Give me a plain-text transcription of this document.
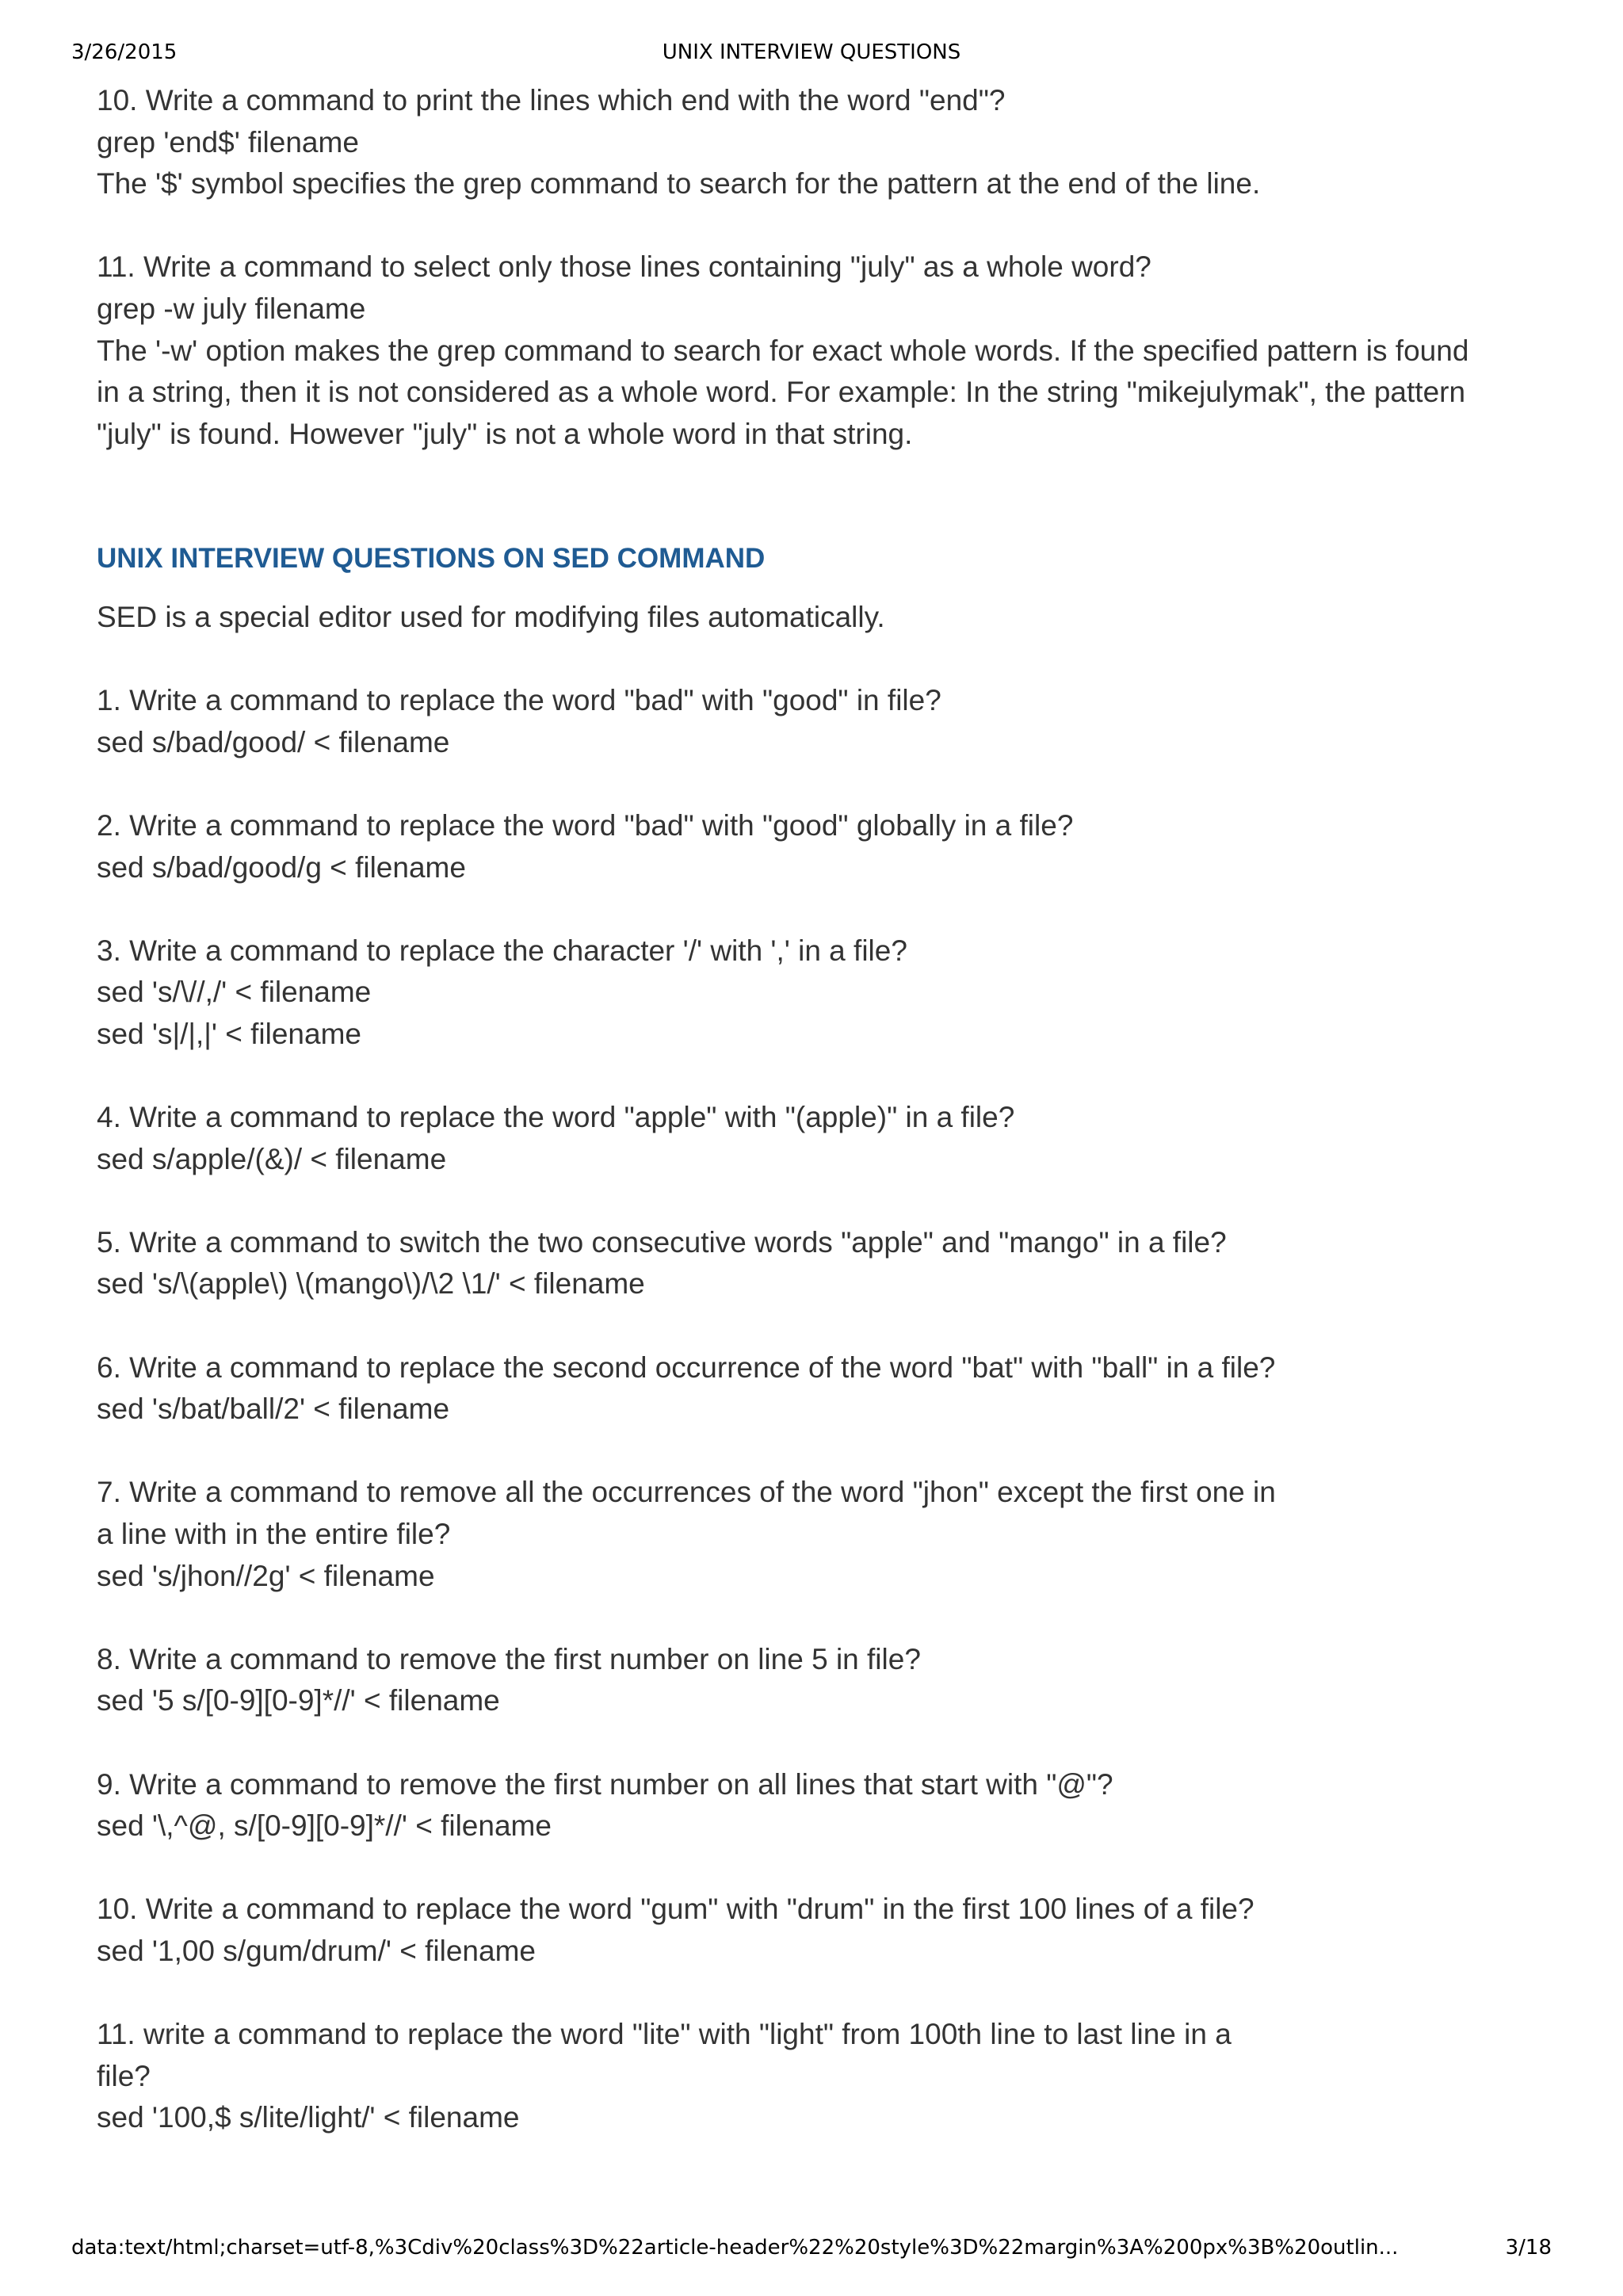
3/26/2015	UNIX INTERVIEW QUESTIONS
10. Write a command to print the lines which end with the word "end"?
grep 'end$' filename
The '$' symbol specifies the grep command to search for the pattern at the end of the line.
11. Write a command to select only those lines containing "july" as a whole word?
grep -w july filename
The '-w' option makes the grep command to search for exact whole words. If the specified pattern is found
in a string, then it is not considered as a whole word. For example: In the string "mikejulymak", the pattern
"july" is found. However "july" is not a whole word in that string.
UNIX INTERVIEW QUESTIONS ON SED COMMAND
SED is a special editor used for modifying files automatically.
1. Write a command to replace the word "bad" with "good" in file?
sed s/bad/good/ < filename
2. Write a command to replace the word "bad" with "good" globally in a file?
sed s/bad/good/g < filename
3. Write a command to replace the character '/' with ',' in a file?
sed 's/\//,/' < filename
sed 's|/|,|' < filename
4. Write a command to replace the word "apple" with "(apple)" in a file?
sed s/apple/(&)/ < filename
5. Write a command to switch the two consecutive words "apple" and "mango" in a file?
sed 's/\(apple\) \(mango\)/\2 \1/' < filename
6. Write a command to replace the second occurrence of the word "bat" with "ball" in a file?
sed 's/bat/ball/2' < filename
7. Write a command to remove all the occurrences of the word "jhon" except the first one in
a line with in the entire file?
sed 's/jhon//2g' < filename
8. Write a command to remove the first number on line 5 in file?
sed '5 s/[0-9][0-9]*//' < filename
9. Write a command to remove the first number on all lines that start with "@"?
sed '\,^@, s/[0-9][0-9]*//' < filename
10. Write a command to replace the word "gum" with "drum" in the first 100 lines of a file?
sed '1,00 s/gum/drum/' < filename
11. write a command to replace the word "lite" with "light" from 100th line to last line in a
file?
sed '100,$ s/lite/light/' < filename
data:text/html;charset=utf-8,%3Cdiv%20class%3D%22article-header%22%20style%3D%22margin%3A%200px%3B%20outlin...	3/18
